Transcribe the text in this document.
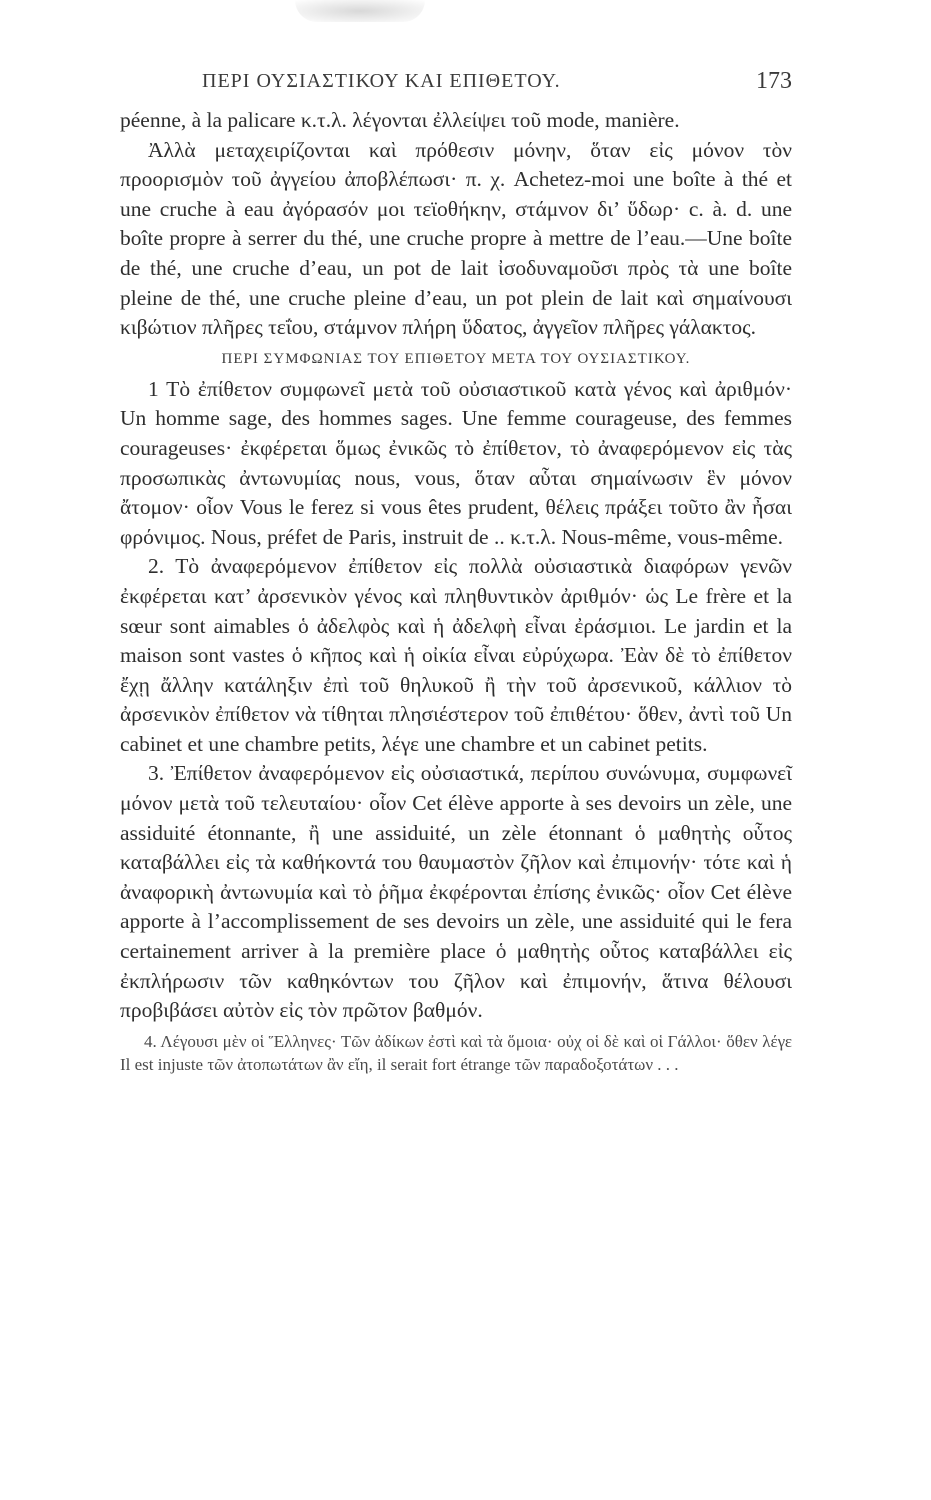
ΠΕΡΙ ΟΥΣΙΑΣΤΙΚΟΥ ΚΑΙ ΕΠΙΘΕΤΟΥ.	173

péenne, à la palicare κ.τ.λ. λέγονται ἐλλείψει τοῦ mode, manière.

Ἀλλὰ μεταχειρίζονται καὶ πρόθεσιν μόνην, ὅταν εἰς μόνον τὸν προορισμὸν τοῦ ἀγγείου ἀποβλέπωσι· π. χ. Achetez-moi une boîte à thé et une cruche à eau ἀγόρασόν μοι τεϊοθήκην, στάμνον δι’ ὕδωρ· c. à. d. une boîte propre à serrer du thé, une cruche propre à mettre de l’eau.—Une boîte de thé, une cruche d’eau, un pot de lait ἰσοδυναμοῦσι πρὸς τὰ une boîte pleine de thé, une cruche pleine d’eau, un pot plein de lait καὶ σημαίνουσι κιβώτιον πλῆρες τεΐου, στάμνον πλήρη ὕδατος, ἀγγεῖον πλῆρες γάλακτος.

ΠΕΡΙ ΣΥΜΦΩΝΙΑΣ ΤΟΥ ΕΠΙΘΕΤΟΥ ΜΕΤΑ ΤΟΥ ΟΥΣΙΑΣΤΙΚΟΥ.

1 Τὸ ἐπίθετον συμφωνεῖ μετὰ τοῦ οὐσιαστικοῦ κατὰ γένος καὶ ἀριθμόν· Un homme sage, des hommes sages. Une femme courageuse, des femmes courageuses· ἐκφέρεται ὅμως ἐνικῶς τὸ ἐπίθετον, τὸ ἀναφερόμενον εἰς τὰς προσωπικὰς ἀντωνυμίας nous, vous, ὅταν αὗται σημαίνωσιν ἓν μόνον ἄτομον· οἷον Vous le ferez si vous êtes prudent, θέλεις πράξει τοῦτο ἂν ἦσαι φρόνιμος. Nous, préfet de Paris, instruit de .. κ.τ.λ. Nous-même, vous-même.

2. Τὸ ἀναφερόμενον ἐπίθετον εἰς πολλὰ οὐσιαστικὰ διαφόρων γενῶν ἐκφέρεται κατ’ ἀρσενικὸν γένος καὶ πληθυντικὸν ἀριθμόν· ὡς Le frère et la sœur sont aimables ὁ ἀδελφὸς καὶ ἡ ἀδελφὴ εἶναι ἐράσμιοι. Le jardin et la maison sont vastes ὁ κῆπος καὶ ἡ οἰκία εἶναι εὐρύχωρα. Ἐὰν δὲ τὸ ἐπίθετον ἔχῃ ἄλλην κατάληξιν ἐπὶ τοῦ θηλυκοῦ ἢ τὴν τοῦ ἀρσενικοῦ, κάλλιον τὸ ἀρσενικὸν ἐπίθετον νὰ τίθηται πλησιέστερον τοῦ ἐπιθέτου· ὅθεν, ἀντὶ τοῦ Un cabinet et une chambre petits, λέγε une chambre et un cabinet petits.

3. Ἐπίθετον ἀναφερόμενον εἰς οὐσιαστικά, περίπου συνώνυμα, συμφωνεῖ μόνον μετὰ τοῦ τελευταίου· οἷον Cet élève apporte à ses devoirs un zèle, une assiduité étonnante, ἢ une assiduité, un zèle étonnant ὁ μαθητὴς οὗτος καταβάλλει εἰς τὰ καθήκοντά του θαυμαστὸν ζῆλον καὶ ἐπιμονήν· τότε καὶ ἡ ἀναφορικὴ ἀντωνυμία καὶ τὸ ῥῆμα ἐκφέρονται ἐπίσης ἐνικῶς· οἷον Cet élève apporte à l’accomplissement de ses devoirs un zèle, une assiduité qui le fera certainement arriver à la première place ὁ μαθητὴς οὗτος καταβάλλει εἰς ἐκπλήρωσιν τῶν καθηκόντων του ζῆλον καὶ ἐπιμονήν, ἅτινα θέλουσι προβιβάσει αὐτὸν εἰς τὸν πρῶτον βαθμόν.

4. Λέγουσι μὲν οἱ Ἕλληνες· Τῶν ἀδίκων ἐστὶ καὶ τὰ ὅμοια· οὐχ οἱ δὲ καὶ οἱ Γάλλοι· ὅθεν λέγε Il est injuste τῶν ἀτοπωτάτων ἂν εἴη, il serait fort étrange τῶν παραδοξοτάτων . . .
